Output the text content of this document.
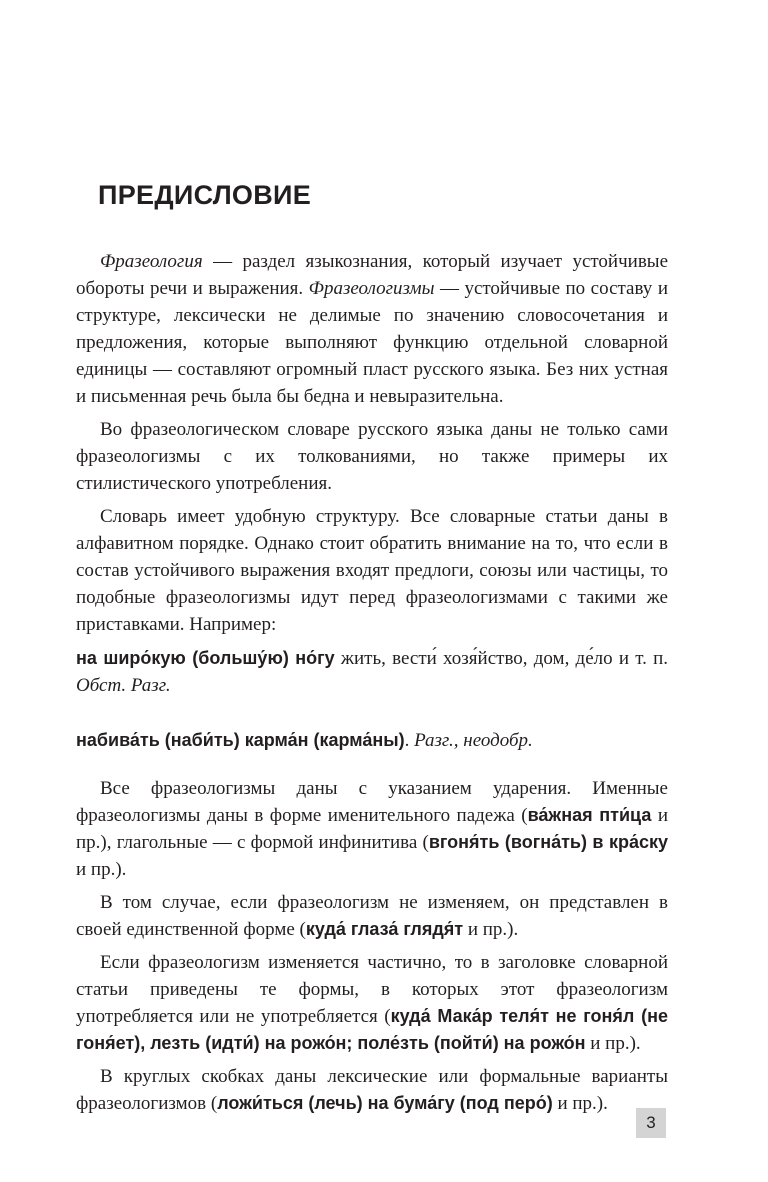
ПРЕДИСЛОВИЕ

Фразеология — раздел языкознания, который изучает устойчивые обороты речи и выражения. Фразеологизмы — устойчивые по составу и структуре, лексически не делимые по значению словосочетания и предложения, которые выполняют функцию отдельной словарной единицы — составляют огромный пласт русского языка. Без них устная и письменная речь была бы бедна и невыразительна.

Во фразеологическом словаре русского языка даны не только сами фразеологизмы с их толкованиями, но также примеры их стилистического употребления.

Словарь имеет удобную структуру. Все словарные статьи даны в алфавитном порядке. Однако стоит обратить внимание на то, что если в состав устойчивого выражения входят предлоги, союзы или частицы, то подобные фразеологизмы идут перед фразеологизмами с такими же приставками. Например:

на широ́кую (большу́ю) но́гу жить, вести́ хозя́йство, дом, де́ло и т. п. Обст. Разг.

набива́ть (наби́ть) карма́н (карма́ны). Разг., неодобр.

Все фразеологизмы даны с указанием ударения. Именные фразеологизмы даны в форме именительного падежа (ва́жная пти́ца и пр.), глагольные — с формой инфинитива (вгоня́ть (вогна́ть) в кра́ску и пр.).

В том случае, если фразеологизм не изменяем, он представлен в своей единственной форме (куда́ глаза́ глядя́т и пр.).

Если фразеологизм изменяется частично, то в заголовке словарной статьи приведены те формы, в которых этот фразеологизм употребляется или не употребляется (куда́ Мака́р теля́т не гоня́л (не гоня́ет), лезть (идти́) на рожо́н; поле́зть (пойти́) на рожо́н и пр.).

В круглых скобках даны лексические или формальные варианты фразеологизмов (ложи́ться (лечь) на бума́гу (под перо́) и пр.).

3
